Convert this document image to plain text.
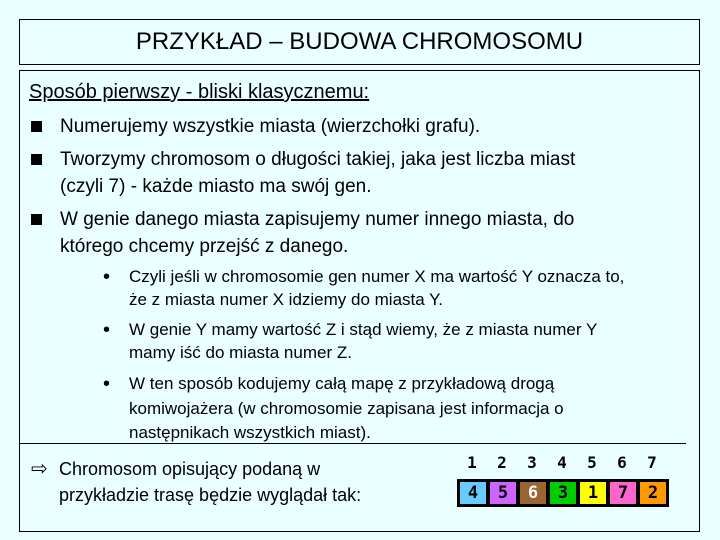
PRZYKŁAD – BUDOWA CHROMOSOMU
Sposób pierwszy - bliski klasycznemu:
Numerujemy wszystkie miasta (wierzchołki grafu).
Tworzymy chromosom o długości takiej, jaka jest liczba miast
(czyli 7) - każde miasto ma swój gen.
W genie danego miasta zapisujemy numer innego miasta, do
którego chcemy przejść z danego.
• Czyli jeśli w chromosomie gen numer X ma wartość Y oznacza to,
że z miasta numer X idziemy do miasta Y.
• W genie Y mamy wartość Z i stąd wiemy, że z miasta numer Y
mamy iść do miasta numer Z.
• W ten sposób kodujemy całą mapę z przykładową drogą
komiwojażera (w chromosomie zapisana jest informacja o
następnikach wszystkich miast).
⇨ Chromosom opisujący podaną w
przykładzie trasę będzie wyglądał tak:
1	2	3	4	5	6	7
4	5	6	3	1	7	2
